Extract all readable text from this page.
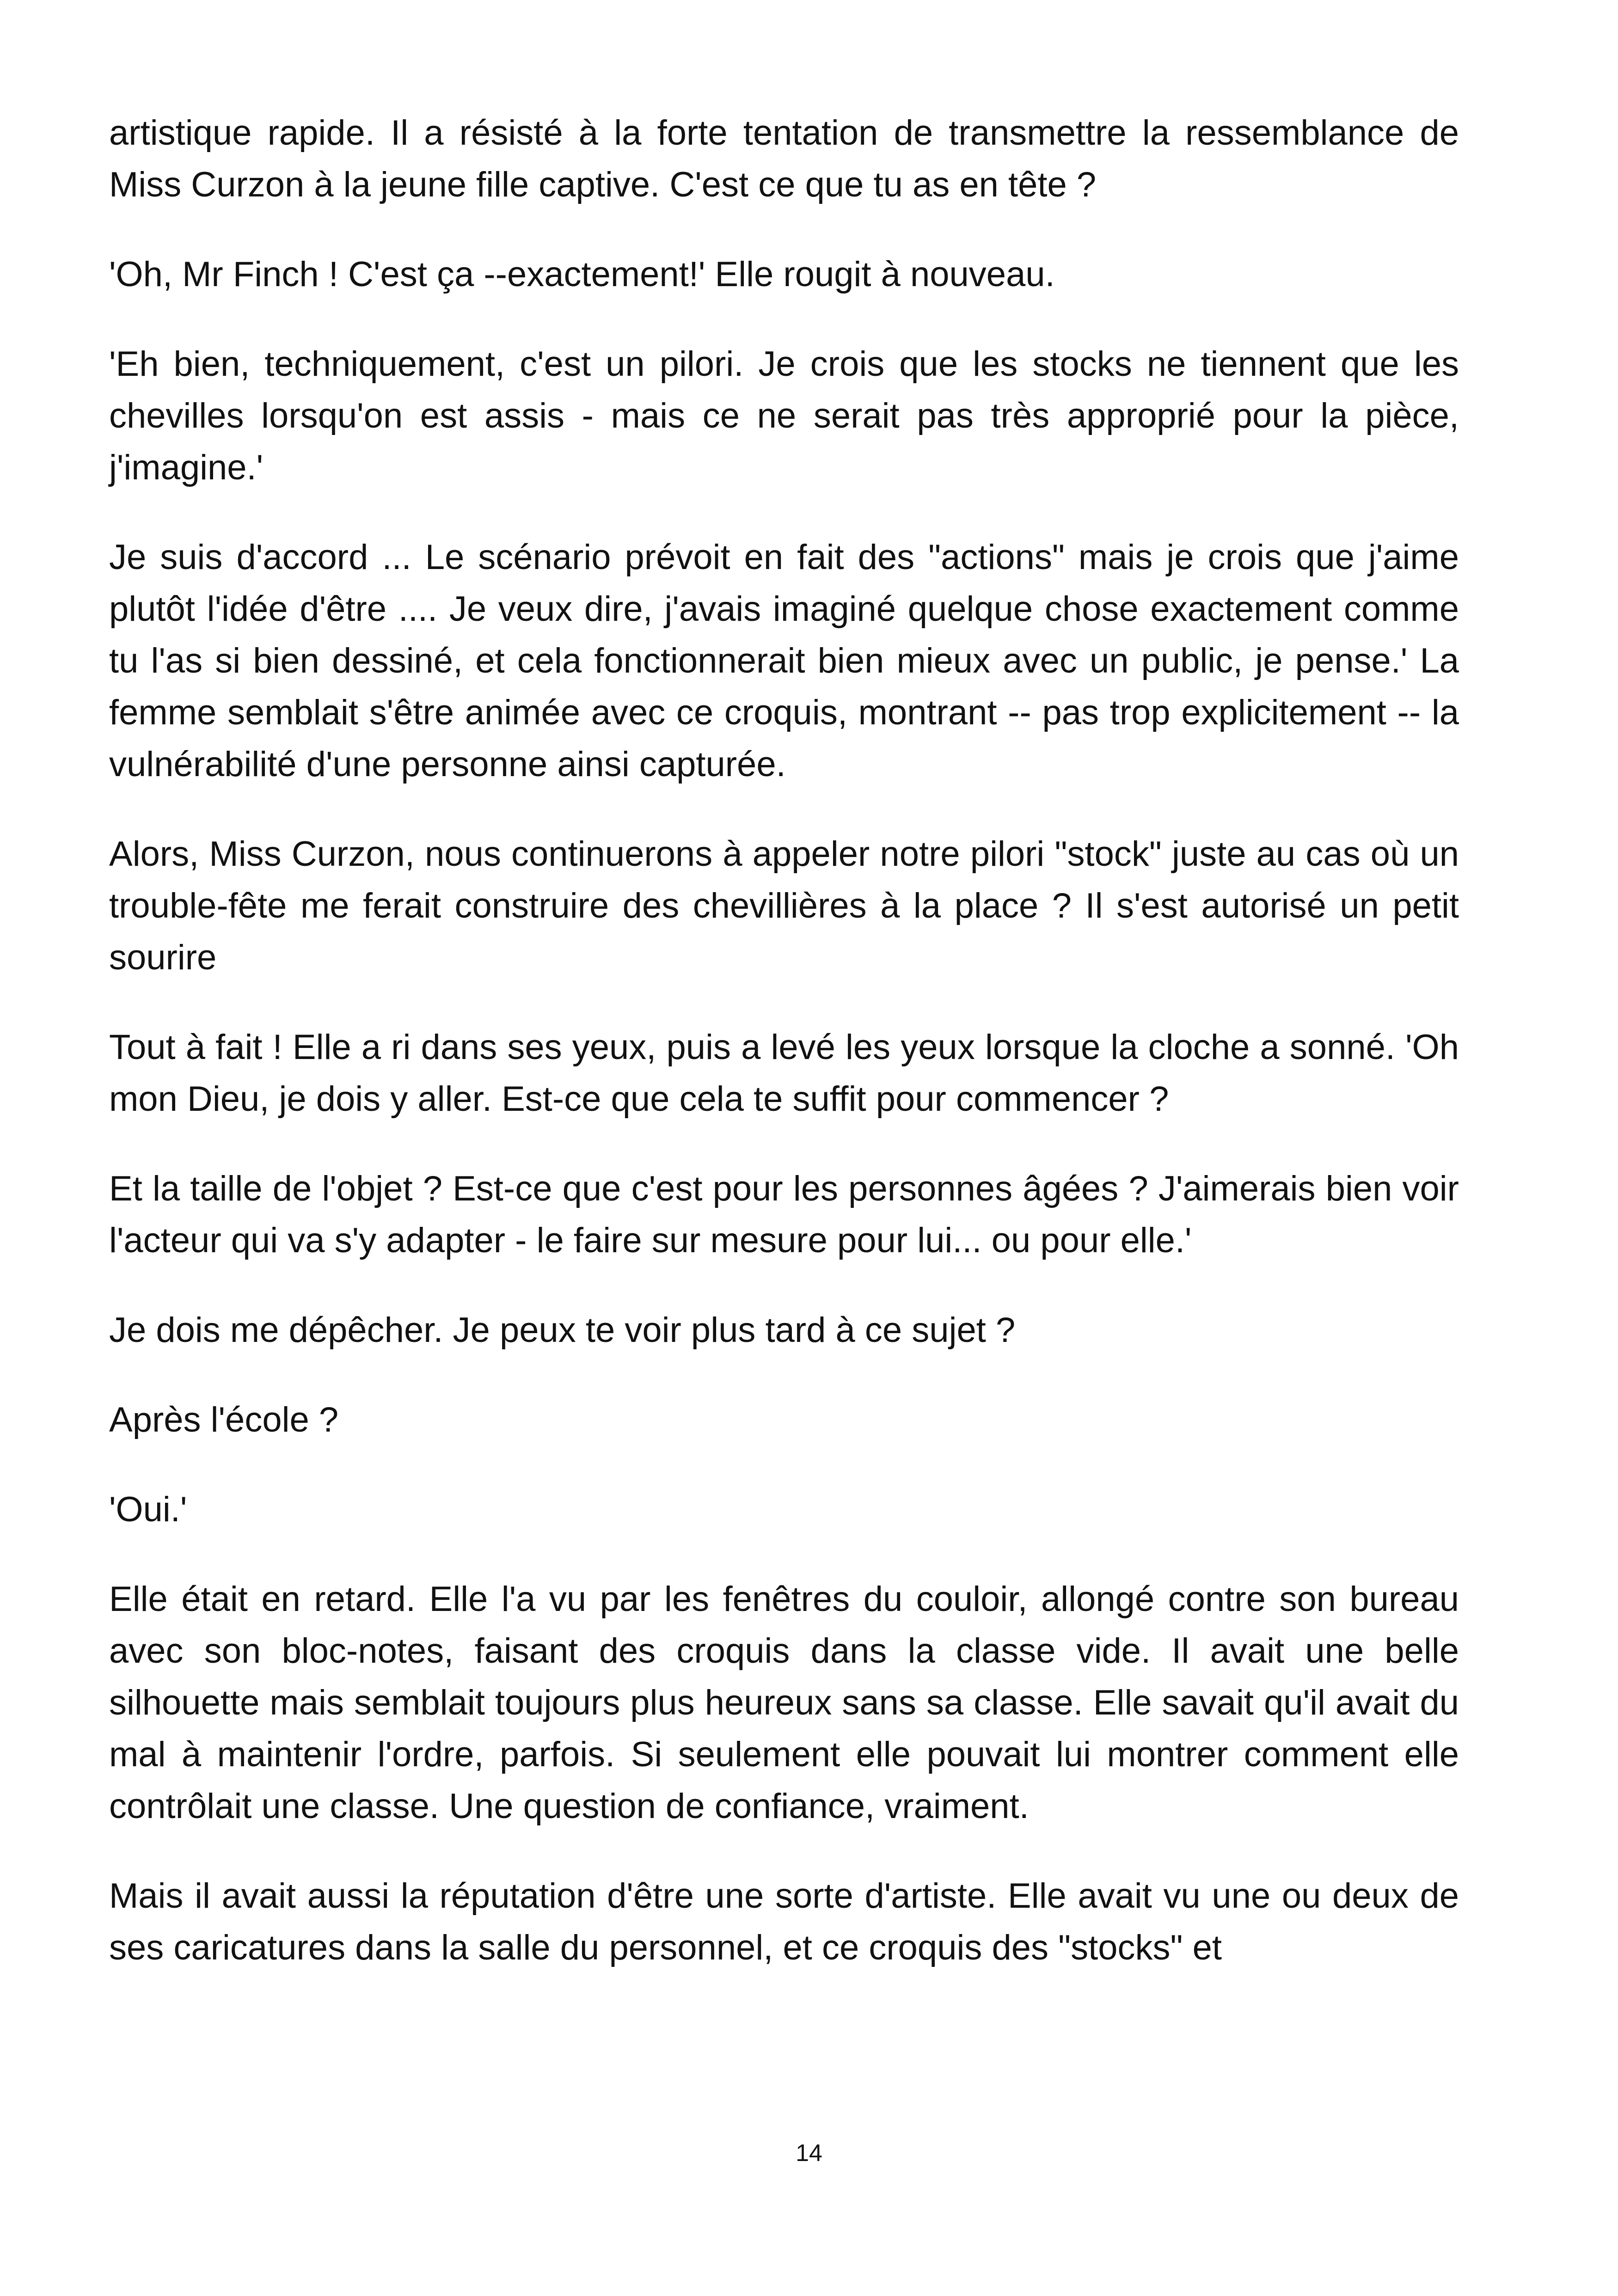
artistique rapide. Il a résisté à la forte tentation de transmettre la ressemblance de Miss Curzon à la jeune fille captive. C'est ce que tu as en tête ?

'Oh, Mr Finch ! C'est ça --exactement!' Elle rougit à nouveau.

'Eh bien, techniquement, c'est un pilori. Je crois que les stocks ne tiennent que les chevilles lorsqu'on est assis - mais ce ne serait pas très approprié pour la pièce, j'imagine.'

Je suis d'accord ... Le scénario prévoit en fait des "actions" mais je crois que j'aime plutôt l'idée d'être .... Je veux dire, j'avais imaginé quelque chose exactement comme tu l'as si bien dessiné, et cela fonctionnerait bien mieux avec un public, je pense.' La femme semblait s'être animée avec ce croquis, montrant -- pas trop explicitement -- la vulnérabilité d'une personne ainsi capturée.

Alors, Miss Curzon, nous continuerons à appeler notre pilori "stock" juste au cas où un trouble-fête me ferait construire des chevillières à la place ? Il s'est autorisé un petit sourire

Tout à fait ! Elle a ri dans ses yeux, puis a levé les yeux lorsque la cloche a sonné. 'Oh mon Dieu, je dois y aller. Est-ce que cela te suffit pour commencer ?

Et la taille de l'objet ? Est-ce que c'est pour les personnes âgées ? J'aimerais bien voir l'acteur qui va s'y adapter - le faire sur mesure pour lui... ou pour elle.'

Je dois me dépêcher. Je peux te voir plus tard à ce sujet ?

Après l'école ?

'Oui.'

Elle était en retard. Elle l'a vu par les fenêtres du couloir, allongé contre son bureau avec son bloc-notes, faisant des croquis dans la classe vide. Il avait une belle silhouette mais semblait toujours plus heureux sans sa classe. Elle savait qu'il avait du mal à maintenir l'ordre, parfois. Si seulement elle pouvait lui montrer comment elle contrôlait une classe. Une question de confiance, vraiment.

Mais il avait aussi la réputation d'être une sorte d'artiste. Elle avait vu une ou deux de ses caricatures dans la salle du personnel, et ce croquis des "stocks" et

14
